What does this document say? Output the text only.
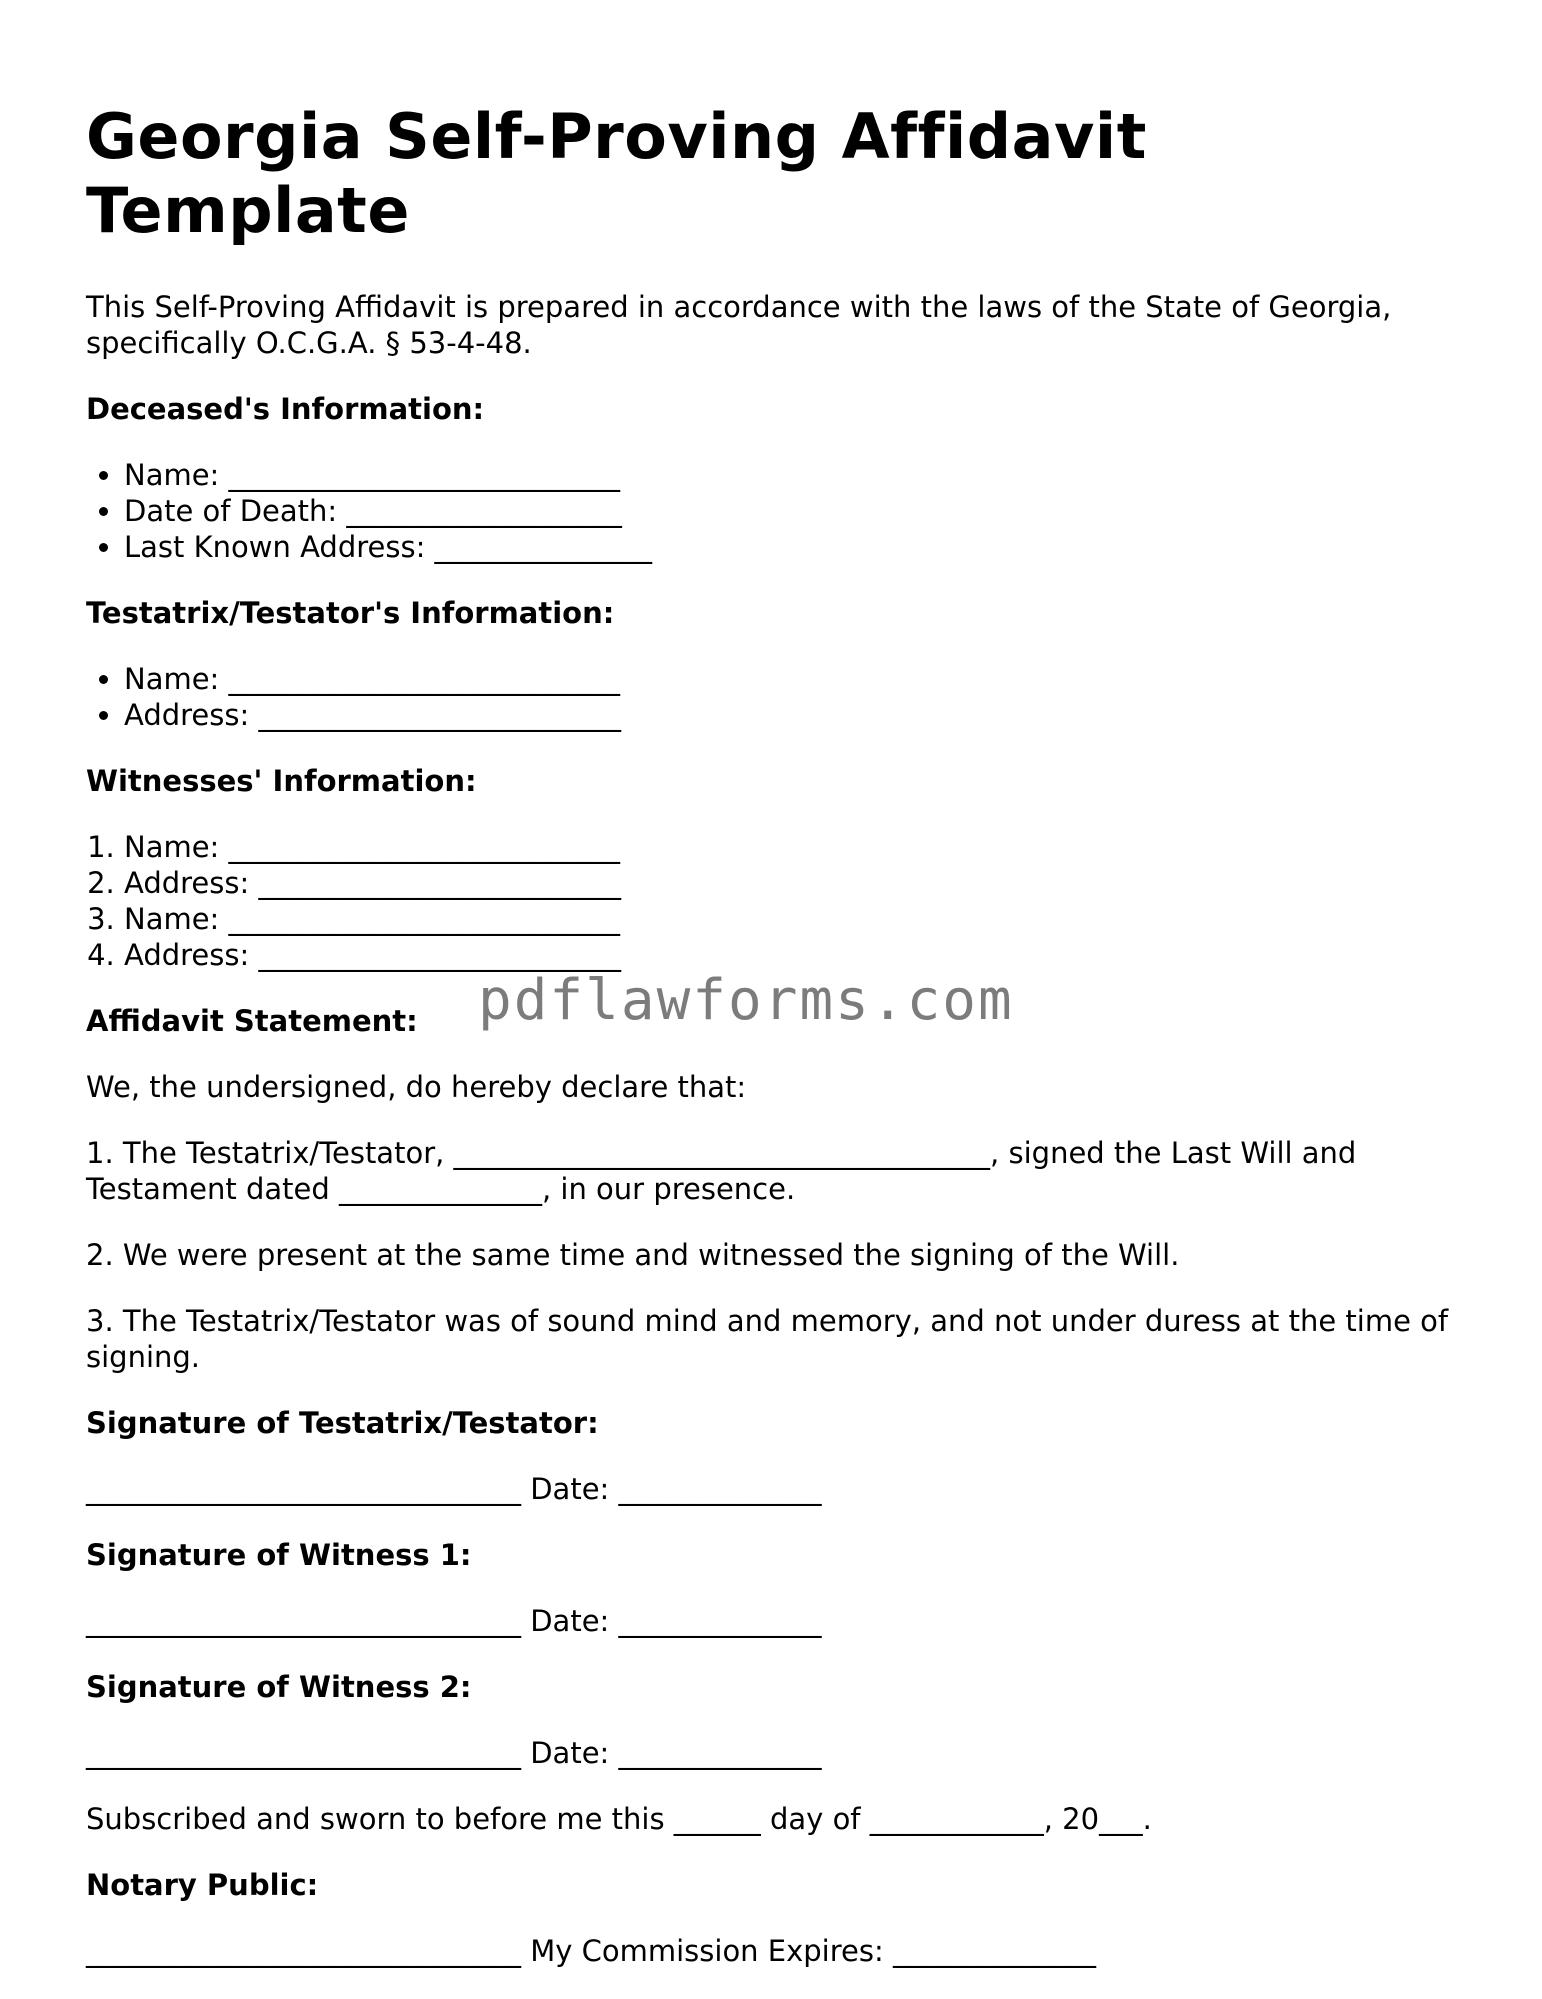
Georgia Self-Proving Affidavit Template

This Self-Proving Affidavit is prepared in accordance with the laws of the State of Georgia, specifically O.C.G.A. § 53-4-48.

Deceased's Information:
• Name: ___________________________
• Date of Death: ___________________
• Last Known Address: _______________
Testatrix/Testator's Information:
• Name: ___________________________
• Address: _________________________
Witnesses' Information:
1. Name: ___________________________
2. Address: _________________________
3. Name: ___________________________
4. Address: _________________________
Affidavit Statement:

We, the undersigned, do hereby declare that:

1. The Testatrix/Testator, _____________________________________, signed the Last Will and Testament dated ______________, in our presence.

2. We were present at the same time and witnessed the signing of the Will.

3. The Testatrix/Testator was of sound mind and memory, and not under duress at the time of signing.

Signature of Testatrix/Testator:
______________________________ Date: ______________
Signature of Witness 1:
______________________________ Date: ______________
Signature of Witness 2:
______________________________ Date: ______________

Subscribed and sworn to before me this ______ day of ____________, 20___.

Notary Public:
______________________________ My Commission Expires: ______________
pdflawforms.com
